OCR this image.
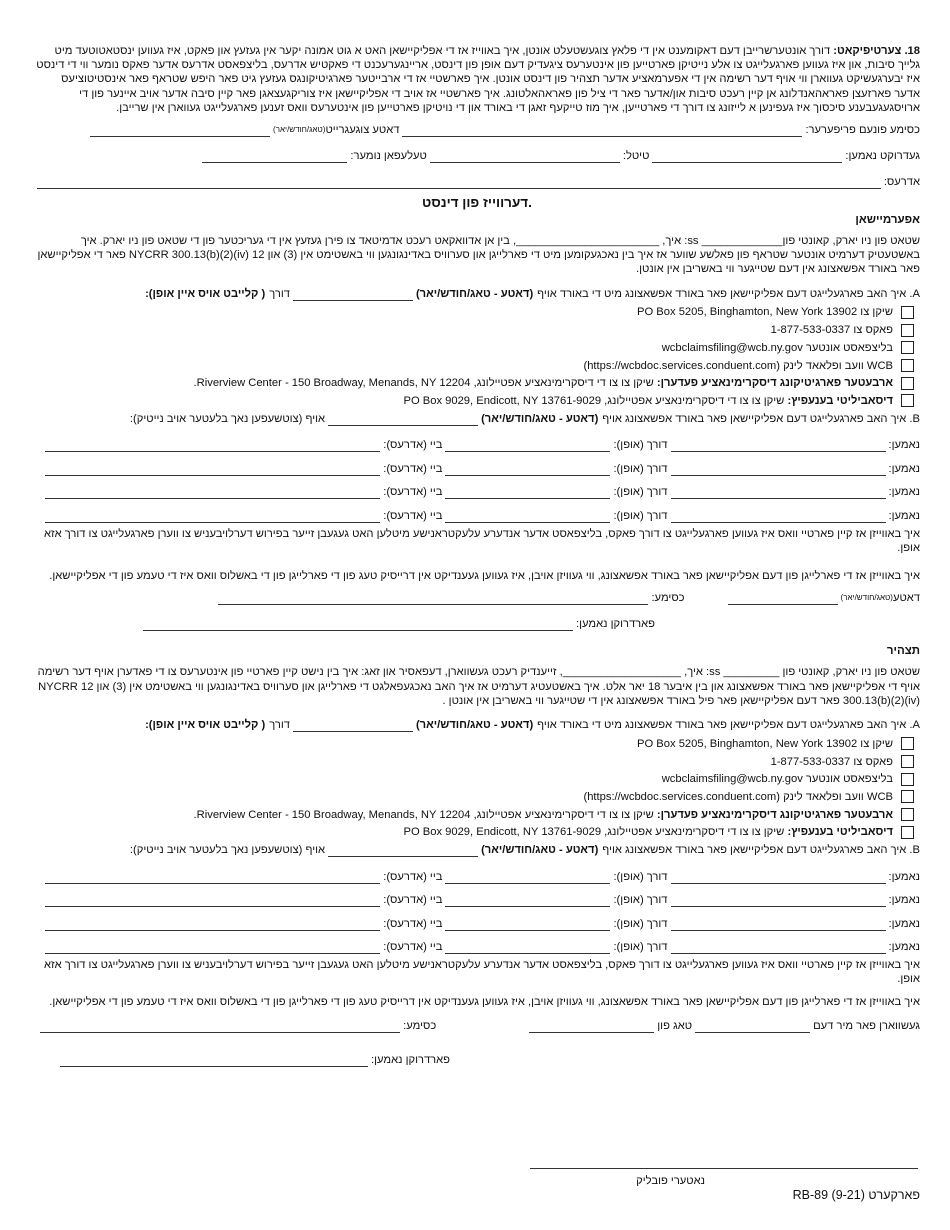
18. צערטיפיקאט: דורך אונטערשרייבן דעם דאקומענט אין די פלאץ צוגעשטעלט אונטן, איך באווייז אז די אפליקיישאן האט א גוט אמונה יקער אין געזעץ און פאקט, איז געווען ינסטאטוטעד מיט גלייך סיבות, און איז געווען פארגעלייגט צו אלע נייטיקן פארטייען פון אינטערעס ציגעדיק דעם אופן פון דינסט, אריינגערעכנט די פאקטיש אדרעס, בליצפאסט אדרעס אדער פאקס נומער ווי די דינסט איז יבערגעשיקט געווארן ווי אויף דער רשימה אין די אפערמאציע אדער תצהיר פון דינסט אונטן. איך פארשטיי אז די ארבייטער פארגיטיקונגס געזעץ גיט פאר היפש שטראף פאר אינסטיטוציעס אדער פארזעצן פאראהאנדלונג אן קיין רעכט סיבות און/אדער פאר די ציל פון פאראהאלטונג. איך פארשטיי אז אויב די אפליקיישאן איז צוריקגעצאגן פאר קיין סיבה אדער אויב איינער פון די ארויסגעגעבענע סיכסוך איז געפינען א לייזונג צו דורך די פארטייען, איך מוז טייקעף זאגן די באורד און די נויטיקן פארטייען פון אינטערעס וואס זענען פארגעלייגט געווארן אין שרייבן.

כסימע פונעם פריפערער:
דאטע צוגעגרייט
(טאג/חודש/יאר)
געדרוקט נאמען:
טיטל:
טעלעפאן נומער:
אדרעס:
דערווייז פון דינסט.
אפערמיישאן

שטאט פון ניו יארק, קאונטי פון_____________ ss: איך, _______________________, בין אן אדוואקאט רעכט אדמיטאד צו פירן געזעץ אין די געריכטער פון די שטאט פון ניו יארק. איך באשטעטיק דערמיט אונטער שטראף פון פאלשע שווער אז איך בין נאכגעקומען מיט די פארלייגן און סערוויס באדינגונגען ווי באשטימט אין (3) און 12 NYCRR 300.13(b)(2)(iv) פאר די אפליקיישאן פאר באורד אפשאצונג אין דעם שטייגער ווי באשריבן אין אונטן.

A. איך האב פארגעלייגט דעם אפליקיישאן פאר באורד אפשאצונג מיט די באורד אויף
(דאטע - טאג/חודש/יאר)
דורך
( קלייבט אויס איין אופן):
שיקן צו PO Box 5205, Binghamton, New York 13902
פאקס צו 1-877-533-0337
בליצפאסט אונטער wcbclaimsfiling@wcb.ny.gov
WCB וועב ופלאאד לינק (https://wcbdoc.services.conduent.com)
ארבעטער פארגיטיקונג דיסקרימינאציע פעדערן: שיקן צו צו די דיסקרימינאציע אפטיילונג, Riverview Center - 150 Broadway, Menands, NY 12204.
דיסאביליטי בענעפיץ: שיקן צו צו די דיסקרימינאציע אפטיילונג, PO Box 9029, Endicott, NY 13761-9029
B. איך האב פארגעלייגט דעם אפליקיישאן פאר באורד אפשאצונג אויף
(דאטע - טאג/חודש/יאר)
אויף (צוטשעפען נאך בלעטער אויב נייטיק):
נאמען:
דורך (אופן):
ביי (אדרעס):
נאמען:
דורך (אופן):
ביי (אדרעס):
נאמען:
דורך (אופן):
ביי (אדרעס):
נאמען:
דורך (אופן):
ביי (אדרעס):

איך באווייזן אז קיין פארטיי וואס איז געווען פארגעלייגט צו דורך פאקס, בליצפאסט אדער אנדערע עלעקטראנישע מיטלען האט געגעבן זייער בפירוש דערלויבעניש צו ווערן פארגעלייגט צו דורך אזא אופן.

איך באווייזן אז די פארלייגן פון דעם אפליקיישאן פאר באורד אפשאצונג, ווי געוויזן אויבן, איז געווען געענדיקט אין דרייסיק טעג פון די פארלייגן פון די באשלוס וואס איז די טעמע פון די אפליקיישאן.

דאטע
(טאג/חודש/יאר)
כסימע:
פארדרוקן נאמען:
תצהיר

שטאט פון ניו יארק, קאונטי פון _________ ss: איך, ___________________, זייענדיק רעכט געשווארן, דעפאסיר און זאג: איך בין נישט קיין פארטיי פון אינטערעס צו די פאדערן אויף דער רשימה אויף די אפליקיישאן פאר באורד אפשאצונג און בין איבער 18 יאר אלט. איך באשטעטיג דערמיט אז איך האב נאכגעפאלגט די פארלייגן און סערוויס באדינגונגען ווי באשטימט אין (3) און 12 NYCRR 300.13(b)(2)(iv) פאר דעם אפליקיישאן פאר פיל באורד אפשאצונג אין די שטייגער ווי באשריבן אין אונטן .

A. איך האב פארגעלייגט דעם אפליקיישאן פאר באורד אפשאצונג מיט די באורד אויף
(דאטע - טאג/חודש/יאר)
דורך
( קלייבט אויס איין אופן):
שיקן צו PO Box 5205, Binghamton, New York 13902
פאקס צו 1-877-533-0337
בליצפאסט אונטער wcbclaimsfiling@wcb.ny.gov
WCB וועב ופלאאד לינק (https://wcbdoc.services.conduent.com)
ארבעטער פארגיטיקונג דיסקרימינאציע פעדערן: שיקן צו צו די דיסקרימינאציע אפטיילונג, Riverview Center - 150 Broadway, Menands, NY 12204.
דיסאביליטי בענעפיץ: שיקן צו צו די דיסקרימינאציע אפטיילונג, PO Box 9029, Endicott, NY 13761-9029
B. איך האב פארגעלייגט דעם אפליקיישאן פאר באורד אפשאצונג אויף
(דאטע - טאג/חודש/יאר)
אויף (צוטשעפען נאך בלעטער אויב נייטיק):
נאמען:
דורך (אופן):
ביי (אדרעס):
נאמען:
דורך (אופן):
ביי (אדרעס):
נאמען:
דורך (אופן):
ביי (אדרעס):
נאמען:
דורך (אופן):
ביי (אדרעס):

איך באווייזן אז קיין פארטיי וואס איז געווען פארגעלייגט צו דורך פאקס, בליצפאסט אדער אנדערע עלעקטראנישע מיטלען האט געגעבן זייער בפירוש דערלויבעניש צו ווערן פארגעלייגט צו דורך אזא אופן.

איך באווייזן אז די פארלייגן פון דעם אפליקיישאן פאר באורד אפשאצונג, ווי געוויזן אויבן, איז געווען געענדיקט אין דרייסיק טעג פון די פארלייגן פון די באשלוס וואס איז די טעמע פון די אפליקיישאן.

געשווארן פאר מיר דעם
טאג פון
כסימע:
פארדרוקן נאמען:
נאטערי פובליק
RB-89 (9-21) פארקערט
